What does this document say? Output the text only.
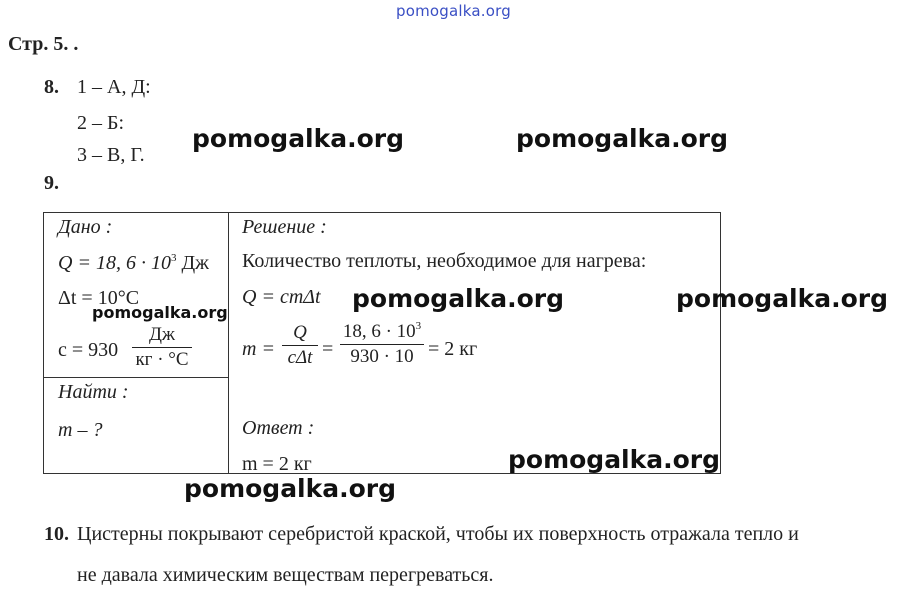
pomogalka.org
Стр. 5. .
8. 1 – А, Д:
2 – Б:
3 – В, Г.
9.
Дано :
Q = 18, $6 \cdot 10^3$ Дж
Δt = 10°C
c = 930
Дж
кг · °C
Найти :
m – ?
Решение :
Количество теплоты, необходимое для нагрева:
Q = cmΔt
m =
Q
cΔt =
18, $6 \cdot 10^3$
930 · 10 = 2 кг
Ответ :
m = 2 кг
10. Цистерны покрывают серебристой краской, чтобы их поверхность отражала тепло и
не давала химическим веществам перегреваться.
pomogalka.org	pomogalka.org
pomogalka.org	pomogalka.org
pomogalka.org
pomogalka.org
pomogalka.org
